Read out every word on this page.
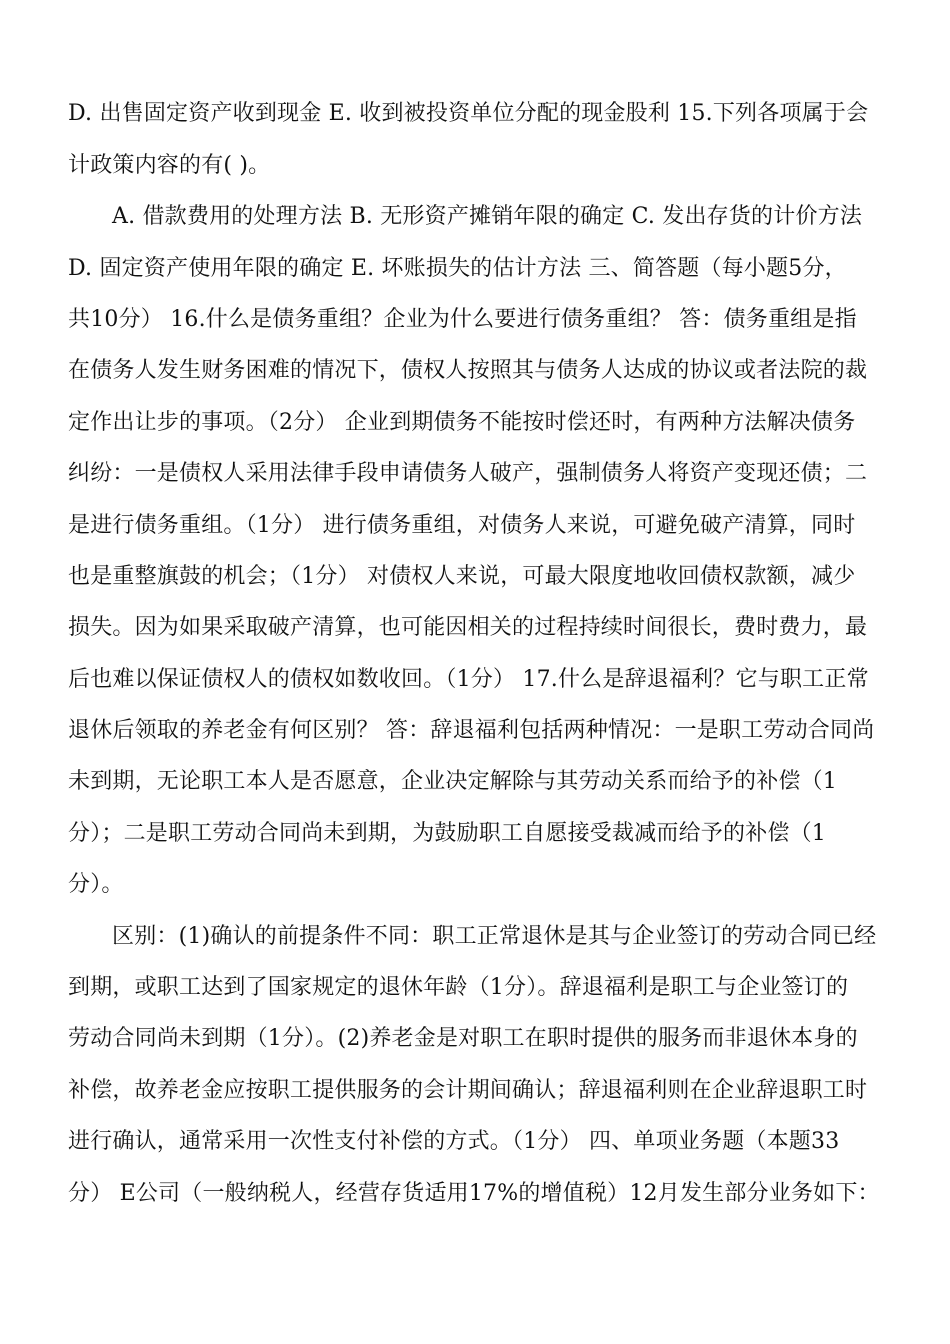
D. 出售固定资产收到现金 E. 收到被投资单位分配的现金股利 15.下列各项属于会
计政策内容的有( )。
A. 借款费用的处理方法 B. 无形资产摊销年限的确定 C. 发出存货的计价方法
D. 固定资产使用年限的确定 E. 坏账损失的估计方法 三、简答题（每小题5分，
共10分） 16.什么是债务重组？企业为什么要进行债务重组？ 答：债务重组是指
在债务人发生财务困难的情况下，债权人按照其与债务人达成的协议或者法院的裁
定作出让步的事项。（2分） 企业到期债务不能按时偿还时，有两种方法解决债务
纠纷：一是债权人采用法律手段申请债务人破产，强制债务人将资产变现还债；二
是进行债务重组。（1分） 进行债务重组，对债务人来说，可避免破产清算，同时
也是重整旗鼓的机会；（1分） 对债权人来说，可最大限度地收回债权款额，减少
损失。因为如果采取破产清算，也可能因相关的过程持续时间很长，费时费力，最
后也难以保证债权人的债权如数收回。（1分） 17.什么是辞退福利？它与职工正常
退休后领取的养老金有何区别？ 答：辞退福利包括两种情况：一是职工劳动合同尚
未到期，无论职工本人是否愿意，企业决定解除与其劳动关系而给予的补偿（1
分）；二是职工劳动合同尚未到期，为鼓励职工自愿接受裁减而给予的补偿（1
分）。
区别：(1)确认的前提条件不同：职工正常退休是其与企业签订的劳动合同已经
到期，或职工达到了国家规定的退休年龄（1分）。辞退福利是职工与企业签订的
劳动合同尚未到期（1分）。(2)养老金是对职工在职时提供的服务而非退休本身的
补偿，故养老金应按职工提供服务的会计期间确认；辞退福利则在企业辞退职工时
进行确认，通常采用一次性支付补偿的方式。（1分） 四、单项业务题（本题33
分） E公司（一般纳税人，经营存货适用17%的增值税）12月发生部分业务如下：
